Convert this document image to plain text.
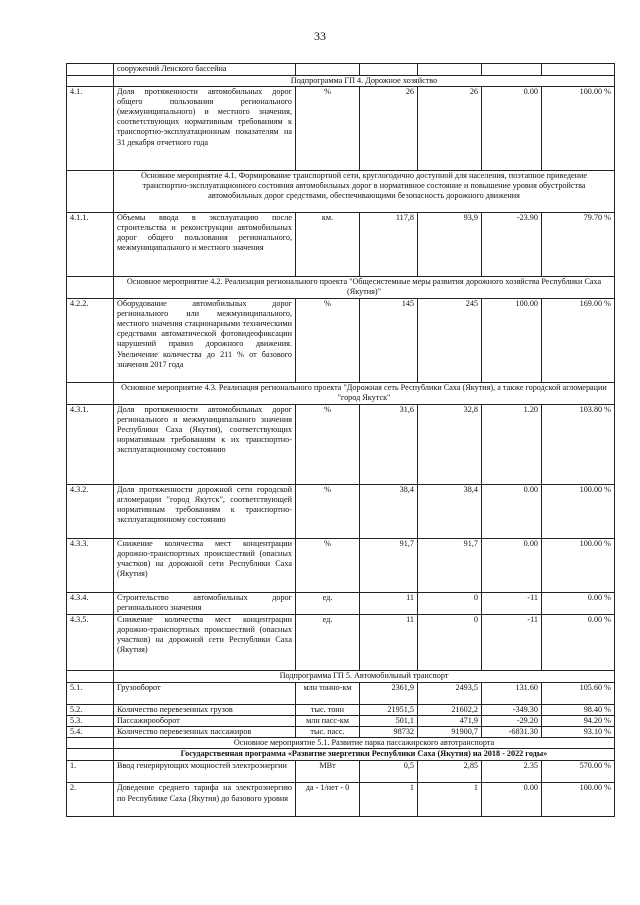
33
	сооружений Ленского бассейна					
	Подпрограмма ГП 4. Дорожное хозяйство					
4.1.	Доля протяженности автомобильных дорог общего пользования регионального (межмуниципального) и местного значения, соответствующих нормативным требованиям к транспортно-эксплуатационным показателям на 31 декабря отчетного года	%	26	26	0.00	100.00 %
	Основное мероприятие 4.1. Формирование транспортной сети, круглогодично доступной для населения, поэтапное приведение транспортно-эксплуатационного состояния автомобильных дорог в нормативное состояние и повышение уровня обустройства автомобильных дорог средствами, обеспечивающими безопасность дорожного движения					
4.1.1.	Объемы ввода в эксплуатацию после строительства и реконструкции автомобильных дорог общего пользования регионального, межмуниципального и местного значения	км.	117,8	93,9	-23.90	79.70 %
	Основное мероприятие 4.2. Реализация регионального проекта "Общесистемные меры развития дорожного хозяйства Республики Саха (Якутия)"					
4.2.2.	Оборудование автомобильных дорог регионального или межмуниципального, местного значения стационарными техническими средствами автоматической фотовидеофиксации нарушений правил дорожного движения. Увеличение количества до 211 % от базового значения 2017 года	%	145	245	100.00	169.00 %
	Основное мероприятие 4.3. Реализация регионального проекта "Дорожная сеть Республики Саха (Якутия), а также городской агломерации "город Якутск"					
4.3.1.	Доля протяженности автомобильных дорог регионального и межмуниципального значения Республики Саха (Якутия), соответствующих нормативным требованиям к их транспортно-эксплуатационному состоянию	%	31,6	32,8	1.20	103.80 %
4.3.2.	Доля протяженности дорожной сети городской агломерации "город Якутск", соответствующей нормативным требованиям к транспортно-эксплуатационному состоянию	%	38,4	38,4	0.00	100.00 %
4.3.3.	Снижение количества мест концентрации дорожно-транспортных происшествий (опасных участков) на дорожной сети Республики Саха (Якутия)	%	91,7	91,7	0.00	100.00 %
4.3.4.	Строительство автомобильных дорог регионального значения	ед.	11	0	-11	0.00 %
4.3.5.	Снижение количества мест концентрации дорожно-транспортных происшествий (опасных участков) на дорожной сети Республики Саха (Якутия)	ед.	11	0	-11	0.00 %
	Подпрограмма ГП 5. Автомобильный транспорт					
5.1.	Грузооборот	млн тонно-км	2361,9	2493,5	131.60	105.60 %
5.2.	Количество перевезенных грузов	тыс. тонн	21951,5	21602,2	-349.30	98.40 %
5.3.	Пассажирооборот	млн пасс-км	501,1	471,9	-29.20	94.20 %
5.4.	Количество перевезенных пассажиров	тыс. пасс.	98732	91900,7	-6831.30	93.10 %
	Основное мероприятие 5.1. Развитие парка пассажирского автотранспорта					
	Государственная программа «Развитие энергетики Республики Саха (Якутия) на 2018 - 2022 годы»					
1.	Ввод генерирующих мощностей электроэнергии	МВт	0,5	2,85	2.35	570.00 %
2.	Доведение среднего тарифа на электроэнергию по Республике Саха (Якутия) до базового уровня	да - 1/нет - 0	1	1	0.00	100.00 %
